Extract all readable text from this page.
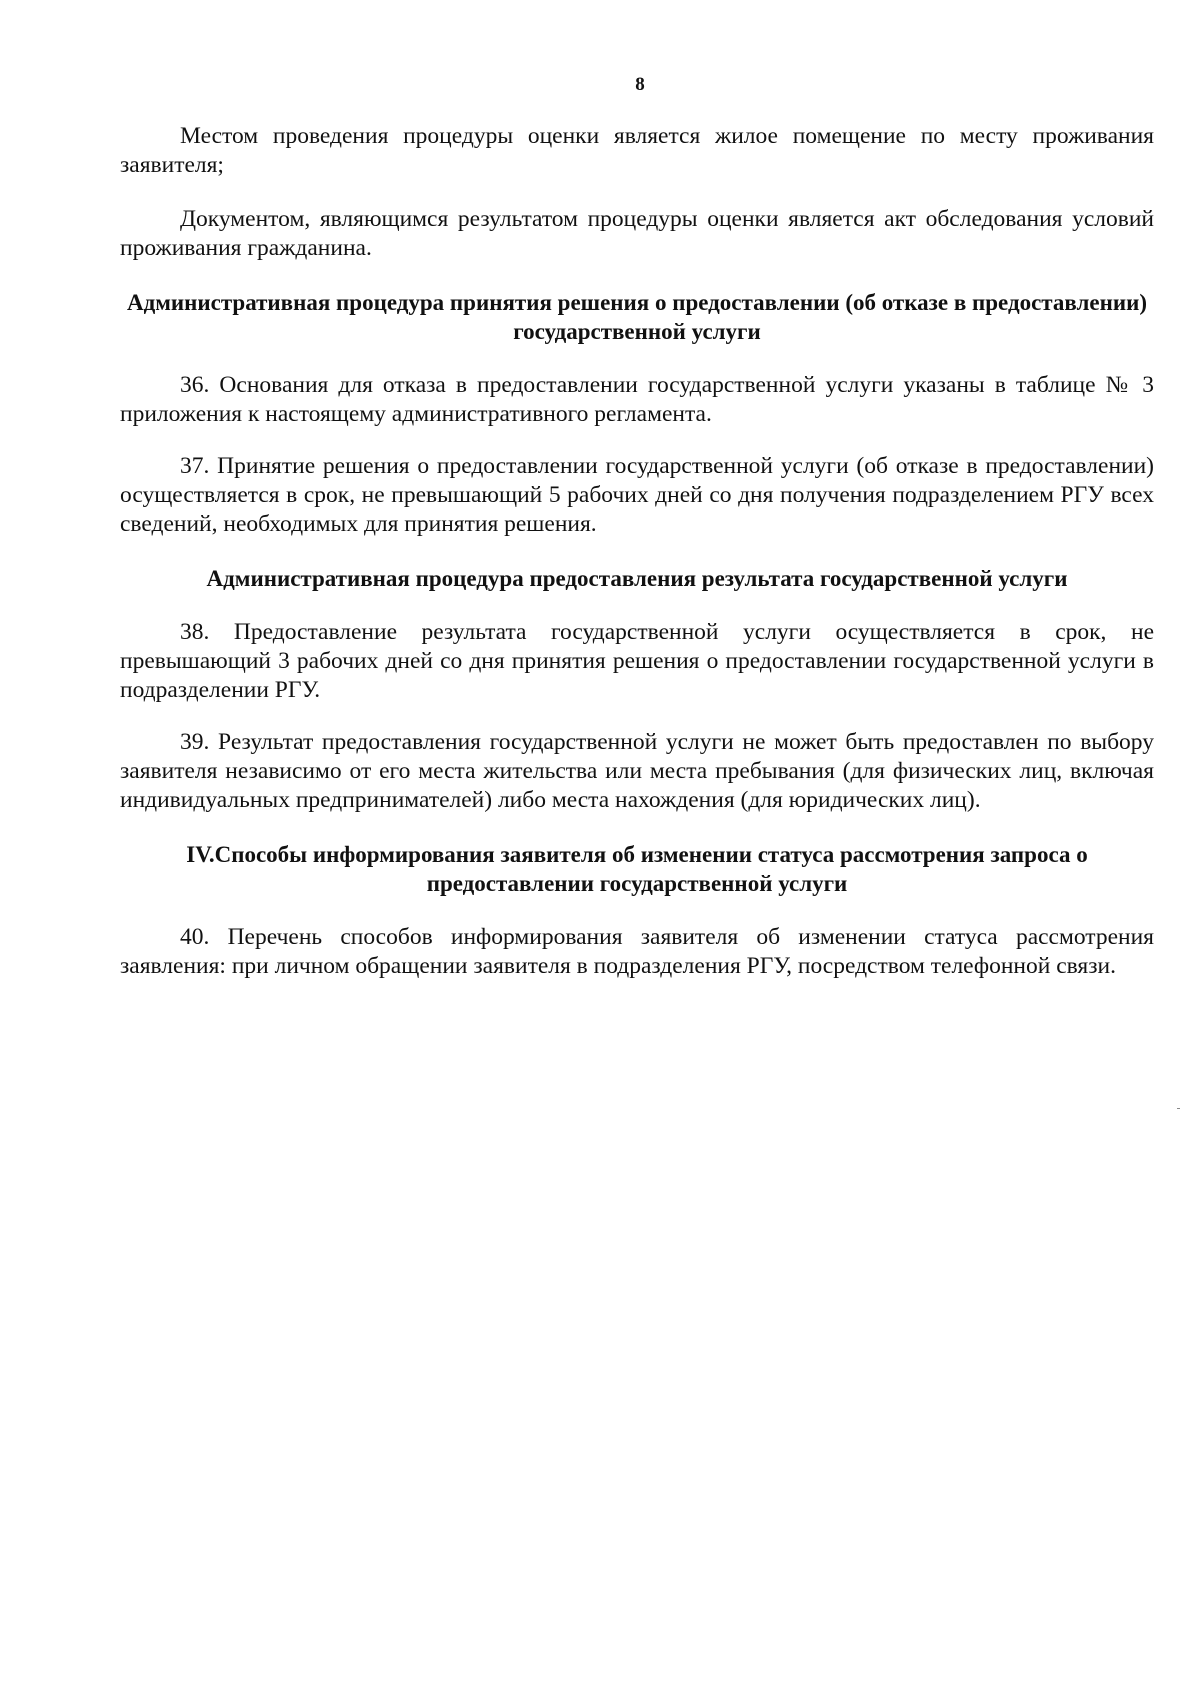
8

Местом проведения процедуры оценки является жилое помещение по месту проживания заявителя;

Документом, являющимся результатом процедуры оценки является акт обследования условий проживания гражданина.

Административная процедура принятия решения о предоставлении (об отказе в предоставлении) государственной услуги

36. Основания для отказа в предоставлении государственной услуги указаны в таблице № 3 приложения к настоящему административного регламента.

37. Принятие решения о предоставлении государственной услуги (об отказе в предоставлении) осуществляется в срок, не превышающий 5 рабочих дней со дня получения подразделением РГУ всех сведений, необходимых для принятия решения.

Административная процедура предоставления результата государственной услуги

38. Предоставление результата государственной услуги осуществляется в срок, не превышающий 3 рабочих дней со дня принятия решения о предоставлении государственной услуги в подразделении РГУ.

39. Результат предоставления государственной услуги не может быть предоставлен по выбору заявителя независимо от его места жительства или места пребывания (для физических лиц, включая индивидуальных предпринимателей) либо места нахождения (для юридических лиц).

IV.Способы информирования заявителя об изменении статуса рассмотрения запроса о предоставлении государственной услуги

40. Перечень способов информирования заявителя об изменении статуса рассмотрения заявления: при личном обращении заявителя в подразделения РГУ, посредством телефонной связи.
